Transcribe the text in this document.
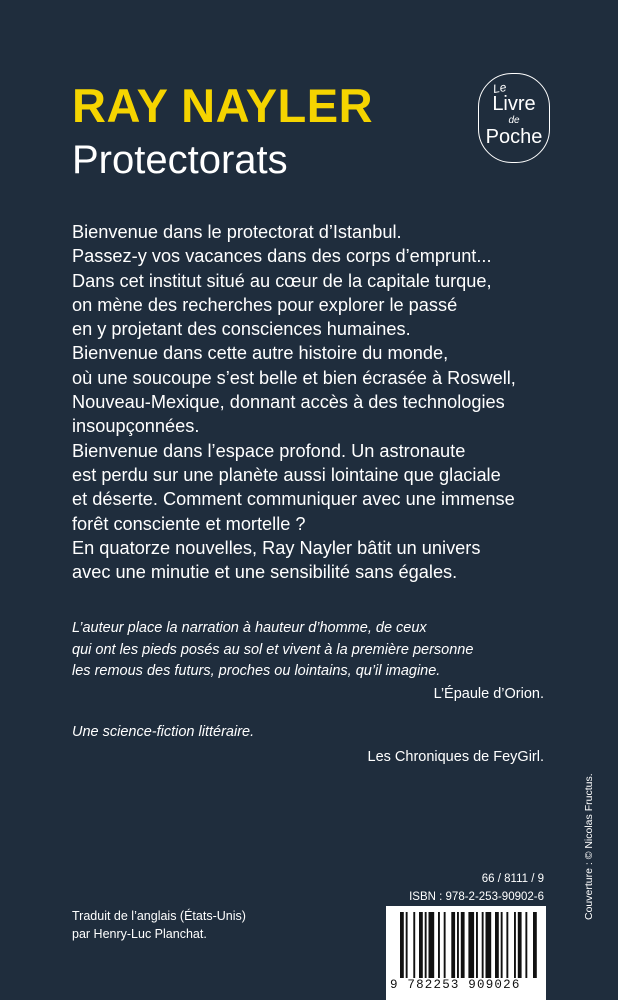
RAY NAYLER
Protectorats
Le
Livre
de
Poche
Bienvenue dans le protectorat d’Istanbul.
Passez-y vos vacances dans des corps d’emprunt...
Dans cet institut situé au cœur de la capitale turque,
on mène des recherches pour explorer le passé
en y projetant des consciences humaines.
Bienvenue dans cette autre histoire du monde,
où une soucoupe s’est belle et bien écrasée à Roswell,
Nouveau-Mexique, donnant accès à des technologies
insoupçonnées.
Bienvenue dans l’espace profond. Un astronaute
est perdu sur une planète aussi lointaine que glaciale
et déserte. Comment communiquer avec une immense
forêt consciente et mortelle ?
En quatorze nouvelles, Ray Nayler bâtit un univers
avec une minutie et une sensibilité sans égales.
L’auteur place la narration à hauteur d’homme, de ceux
qui ont les pieds posés au sol et vivent à la première personne
les remous des futurs, proches ou lointains, qu’il imagine.
L’Épaule d’Orion.
Une science-fiction littéraire.
Les Chroniques de FeyGirl.
Couverture : © Nicolas Fructus.
66 / 8111 / 9
ISBN : 978-2-253-90902-6
Traduit de l’anglais (États-Unis)
par Henry-Luc Planchat.
9 782253 909026
